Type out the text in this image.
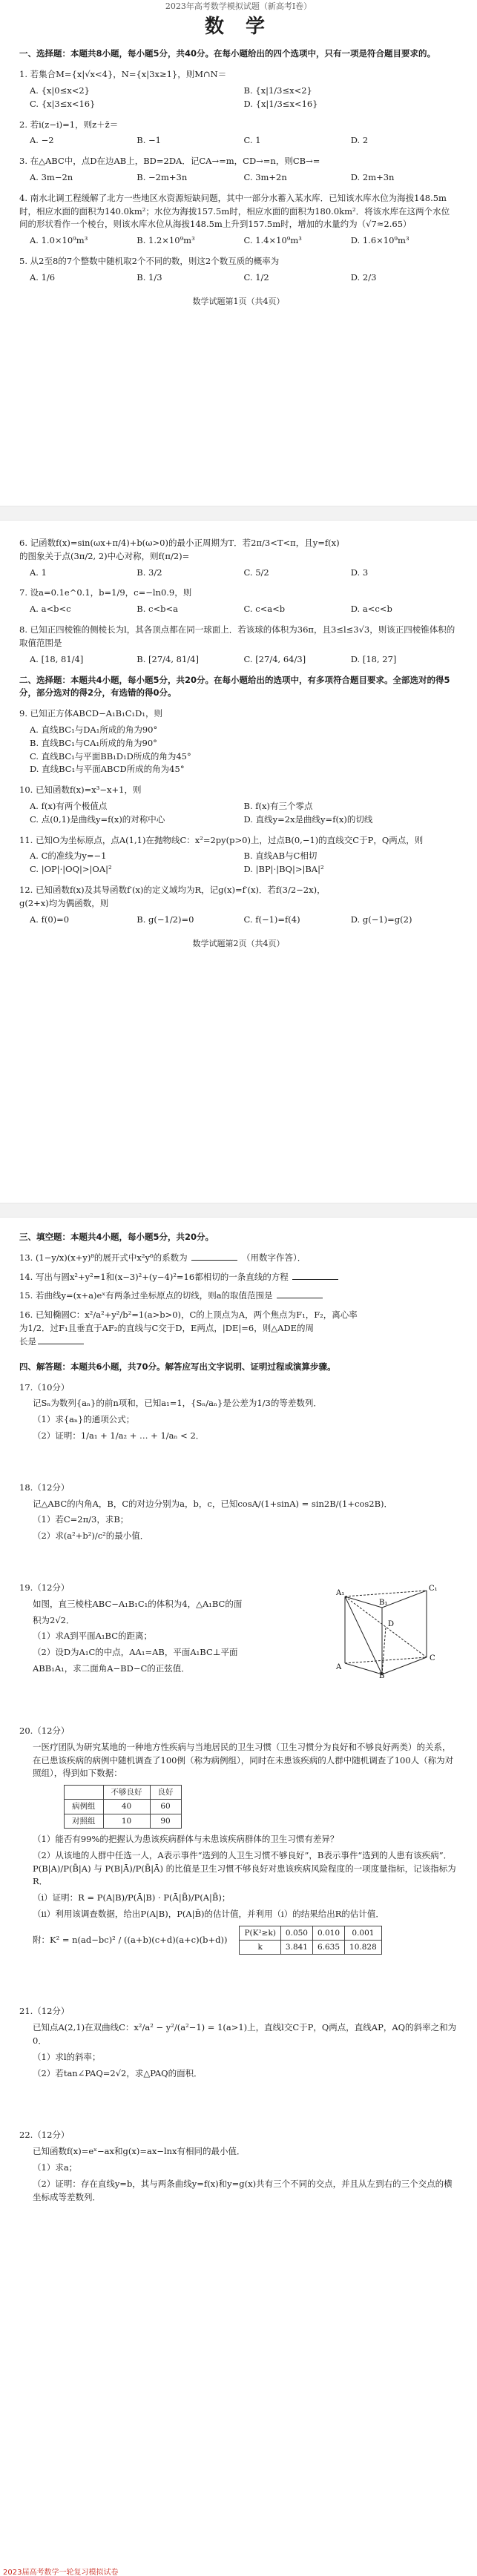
2023年高考数学模拟试题（新高考I卷）
数 学
一、选择题：本题共8小题，每小题5分，共40分。在每小题给出的四个选项中，只有一项是符合题目要求的。
1. 若集合M={x|√x<4}，N={x|3x≥1}，则M∩N＝
A. {x|0≤x<2}	B. {x|1/3≤x<2}
C. {x|3≤x<16}	D. {x|1/3≤x<16}
2. 若i(z−i)=1，则z＋z̄＝
A. −2	B. −1	C. 1	D. 2
3. 在△ABC中，点D在边AB上，BD=2DA．记CA→=m，CD→=n，则CB→=
A. 3m−2n	B. −2m+3n	C. 3m+2n	D. 2m+3n
4. 南水北调工程缓解了北方一些地区水资源短缺问题，其中一部分水蓄入某水库．已知该水库水位为海拔148.5m时，相应水面的面积为140.0km²；水位为海拔157.5m时，相应水面的面积为180.0km²．将该水库在这两个水位间的形状看作一个棱台，则该水库水位从海拔148.5m上升到157.5m时，增加的水量约为（√7≈2.65）
A. 1.0×10⁹m³	B. 1.2×10⁹m³	C. 1.4×10⁹m³	D. 1.6×10⁹m³
5. 从2至8的7个整数中随机取2个不同的数，则这2个数互质的概率为
A. 1/6	B. 1/3	C. 1/2	D. 2/3
数学试题第1页（共4页）
6. 记函数f(x)=sin(ωx+π/4)+b(ω>0)的最小正周期为T．若2π/3<T<π，且y=f(x)
的图象关于点(3π/2, 2)中心对称，则f(π/2)=
A. 1	B. 3/2	C. 5/2	D. 3
7. 设a=0.1e^0.1，b=1/9，c=−ln0.9，则
A. a<b<c	B. c<b<a	C. c<a<b	D. a<c<b
8. 已知正四棱锥的侧棱长为l，其各顶点都在同一球面上．若该球的体积为36π，且3≤l≤3√3，则该正四棱锥体积的取值范围是
A. [18, 81/4]	B. [27/4, 81/4]	C. [27/4, 64/3]	D. [18, 27]
二、选择题：本题共4小题，每小题5分，共20分。在每小题给出的选项中，有多项符合题目要求。全部选对的得5分，部分选对的得2分，有选错的得0分。
9. 已知正方体ABCD−A₁B₁C₁D₁，则
A. 直线BC₁与DA₁所成的角为90°
B. 直线BC₁与CA₁所成的角为90°
C. 直线BC₁与平面BB₁D₁D所成的角为45°
D. 直线BC₁与平面ABCD所成的角为45°
10. 已知函数f(x)=x³−x+1，则
A. f(x)有两个极值点	B. f(x)有三个零点
C. 点(0,1)是曲线y=f(x)的对称中心	D. 直线y=2x是曲线y=f(x)的切线
11. 已知O为坐标原点，点A(1,1)在抛物线C：x²=2py(p>0)上，过点B(0,−1)的直线交C于P，Q两点，则
A. C的准线为y=−1	B. 直线AB与C相切
C. |OP|·|OQ|>|OA|²	D. |BP|·|BQ|>|BA|²
12. 已知函数f(x)及其导函数f′(x)的定义域均为R，记g(x)=f′(x)．若f(3/2−2x)，
g(2+x)均为偶函数，则
A. f(0)=0	B. g(−1/2)=0	C. f(−1)=f(4)	D. g(−1)=g(2)
数学试题第2页（共4页）
三、填空题：本题共4小题，每小题5分，共20分。
13. (1−y/x)(x+y)⁸的展开式中x²y⁶的系数为	（用数字作答）．
14. 写出与圆x²+y²=1和(x−3)²+(y−4)²=16都相切的一条直线的方程
15. 若曲线y=(x+a)eˣ有两条过坐标原点的切线，则a的取值范围是
16. 已知椭圆C：x²/a²+y²/b²=1(a>b>0)，C的上顶点为A，两个焦点为F₁，F₂，离心率
为1/2．过F₁且垂直于AF₂的直线与C交于D，E两点，|DE|=6，则△ADE的周
长是
四、解答题：本题共6小题，共70分。解答应写出文字说明、证明过程或演算步骤。
17.（10分）
记Sₙ为数列{aₙ}的前n项和，已知a₁=1，{Sₙ/aₙ}是公差为1/3的等差数列．
（1）求{aₙ}的通项公式；
（2）证明：1/a₁ + 1/a₂ + … + 1/aₙ < 2．
18.（12分）
记△ABC的内角A，B，C的对边分别为a，b，c，已知cosA/(1+sinA) = sin2B/(1+cos2B)．
（1）若C=2π/3，求B；
（2）求(a²+b²)/c²的最小值．
19.（12分）
如图，直三棱柱ABC−A₁B₁C₁的体积为4，△A₁BC的面
积为2√2．
（1）求A到平面A₁BC的距离；
（2）设D为A₁C的中点，AA₁=AB，平面A₁BC⊥平面
ABB₁A₁，求二面角A−BD−C的正弦值．
A₁
B₁
C₁
A
B
C
D
20.（12分）
一医疗团队为研究某地的一种地方性疾病与当地居民的卫生习惯（卫生习惯分为良好和不够良好两类）的关系，在已患该疾病的病例中随机调查了100例（称为病例组），同时在未患该疾病的人群中随机调查了100人（称为对照组），得到如下数据：
	不够良好	良好
病例组	40	60
对照组	10	90
（1）能否有99%的把握认为患该疾病群体与未患该疾病群体的卫生习惯有差异？
（2）从该地的人群中任选一人，A表示事件“选到的人卫生习惯不够良好”，B表示事件“选到的人患有该疾病”．P(B|A)/P(B̄|A) 与 P(B|Ā)/P(B̄|Ā) 的比值是卫生习惯不够良好对患该疾病风险程度的一项度量指标，记该指标为R．
（i）证明：R = P(A|B)/P(Ā|B) · P(Ā|B̄)/P(A|B̄)；
（ii）利用该调查数据，给出P(A|B)，P(A|B̄)的估计值，并利用（i）的结果给出R的估计值．
附：K² = n(ad−bc)² / ((a+b)(c+d)(a+c)(b+d))
P(K²≥k)	0.050	0.010	0.001
k	3.841	6.635	10.828
21.（12分）
已知点A(2,1)在双曲线C：x²/a² − y²/(a²−1) = 1(a>1)上，直线l交C于P，Q两点，直线AP，AQ的斜率之和为0．
（1）求l的斜率；
（2）若tan∠PAQ=2√2，求△PAQ的面积．
22.（12分）
已知函数f(x)=eˣ−ax和g(x)=ax−lnx有相同的最小值．
（1）求a；
（2）证明：存在直线y=b，其与两条曲线y=f(x)和y=g(x)共有三个不同的交点，并且从左到右的三个交点的横坐标成等差数列．
2023届高考数学一轮复习模拟试卷
